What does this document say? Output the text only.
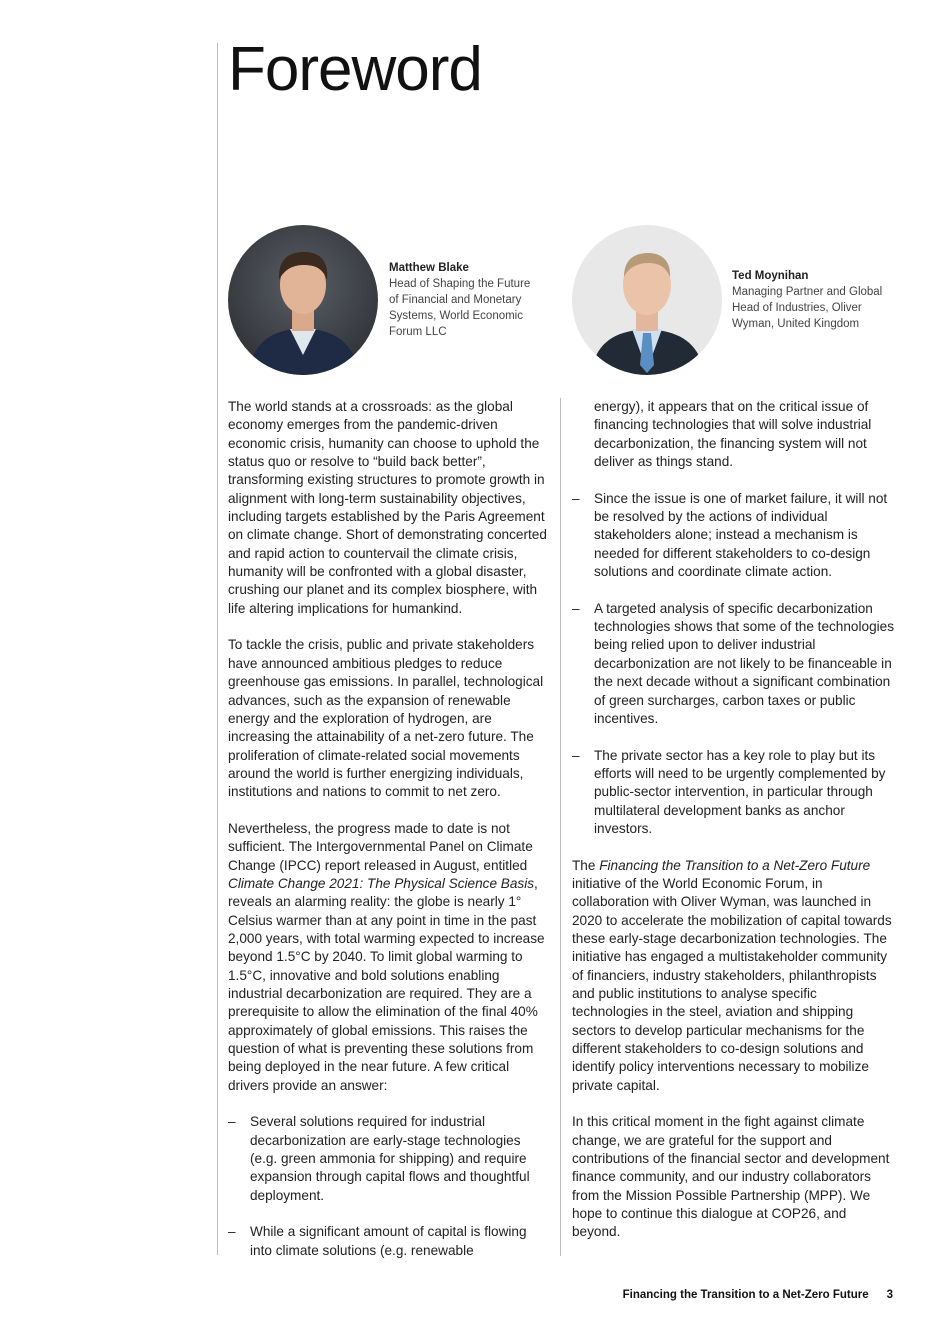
Foreword
Matthew Blake
Head of Shaping the Future of Financial and Monetary Systems, World Economic Forum LLC
Ted Moynihan
Managing Partner and Global Head of Industries, Oliver Wyman, United Kingdom

The world stands at a crossroads: as the global economy emerges from the pandemic-driven economic crisis, humanity can choose to uphold the status quo or resolve to “build back better”, transforming existing structures to promote growth in alignment with long-term sustainability objectives, including targets established by the Paris Agreement on climate change. Short of demonstrating concerted and rapid action to countervail the climate crisis, humanity will be confronted with a global disaster, crushing our planet and its complex biosphere, with life altering implications for humankind.

To tackle the crisis, public and private stakeholders have announced ambitious pledges to reduce greenhouse gas emissions. In parallel, technological advances, such as the expansion of renewable energy and the exploration of hydrogen, are increasing the attainability of a net-zero future. The proliferation of climate-related social movements around the world is further energizing individuals, institutions and nations to commit to net zero.

Nevertheless, the progress made to date is not sufficient. The Intergovernmental Panel on Climate Change (IPCC) report released in August, entitled Climate Change 2021: The Physical Science Basis, reveals an alarming reality: the globe is nearly 1° Celsius warmer than at any point in time in the past 2,000 years, with total warming expected to increase beyond 1.5°C by 2040. To limit global warming to 1.5°C, innovative and bold solutions enabling industrial decarbonization are required. They are a prerequisite to allow the elimination of the final 40% approximately of global emissions. This raises the question of what is preventing these solutions from being deployed in the near future. A few critical drivers provide an answer:

– Several solutions required for industrial decarbonization are early-stage technologies (e.g. green ammonia for shipping) and require expansion through capital flows and thoughtful deployment.
– While a significant amount of capital is flowing into climate solutions (e.g. renewable

energy), it appears that on the critical issue of financing technologies that will solve industrial decarbonization, the financing system will not deliver as things stand.

– Since the issue is one of market failure, it will not be resolved by the actions of individual stakeholders alone; instead a mechanism is needed for different stakeholders to co-design solutions and coordinate climate action.
– A targeted analysis of specific decarbonization technologies shows that some of the technologies being relied upon to deliver industrial decarbonization are not likely to be financeable in the next decade without a significant combination of green surcharges, carbon taxes or public incentives.
– The private sector has a key role to play but its efforts will need to be urgently complemented by public-sector intervention, in particular through multilateral development banks as anchor investors.

The Financing the Transition to a Net-Zero Future initiative of the World Economic Forum, in collaboration with Oliver Wyman, was launched in 2020 to accelerate the mobilization of capital towards these early-stage decarbonization technologies. The initiative has engaged a multistakeholder community of financiers, industry stakeholders, philanthropists and public institutions to analyse specific technologies in the steel, aviation and shipping sectors to develop particular mechanisms for the different stakeholders to co-design solutions and identify policy interventions necessary to mobilize private capital.

In this critical moment in the fight against climate change, we are grateful for the support and contributions of the financial sector and development finance community, and our industry collaborators from the Mission Possible Partnership (MPP). We hope to continue this dialogue at COP26, and beyond.

Financing the Transition to a Net-Zero Future 3
